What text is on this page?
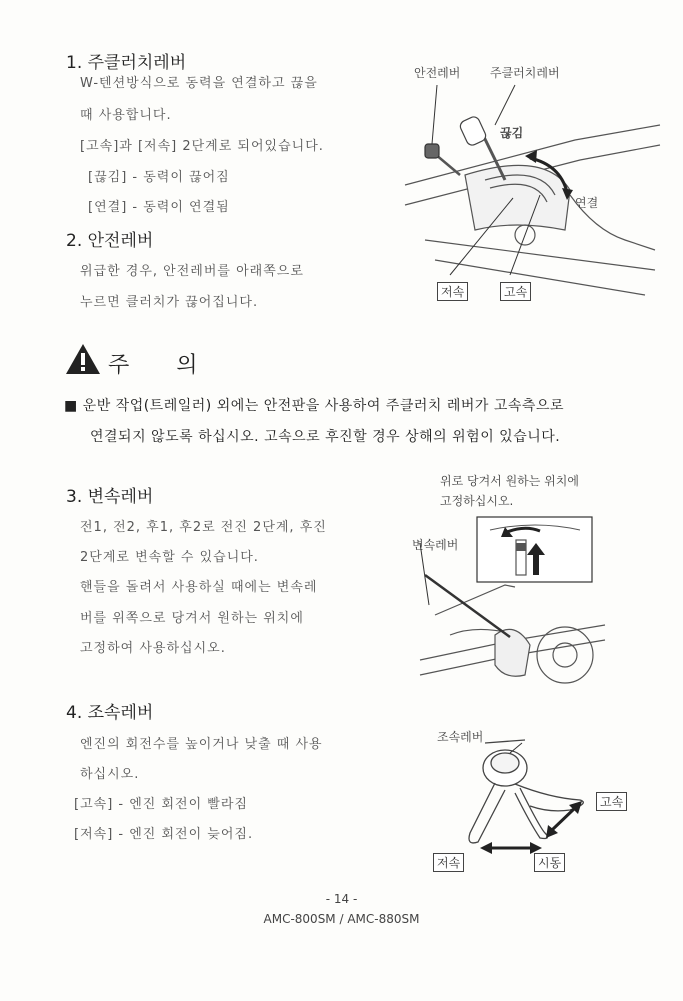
1. 주클러치레버
W-텐션방식으로 동력을 연결하고 끊을
때 사용합니다.
[고속]과 [저속] 2단계로 되어있습니다.
[끊김] - 동력이 끊어짐
[연결] - 동력이 연결됨
안전레버 주클러치레버
끊김
연결
저속	고속
2. 안전레버
위급한 경우, 안전레버를 아래쪽으로
누르면 클러치가 끊어집니다.
주 의
■ 운반 작업(트레일러) 외에는 안전판을 사용하여 주클러치 레버가 고속측으로
연결되지 않도록 하십시오. 고속으로 후진할 경우 상해의 위험이 있습니다.
3. 변속레버
전1, 전2, 후1, 후2로 전진 2단계, 후진
2단계로 변속할 수 있습니다.
핸들을 돌려서 사용하실 때에는 변속레
버를 위쪽으로 당겨서 원하는 위치에
고정하여 사용하십시오.
위로 당겨서 원하는 위치에
고정하십시오.
변속레버
4. 조속레버
엔진의 회전수를 높이거나 낮출 때 사용
하십시오.
[고속] - 엔진 회전이 빨라짐
[저속] - 엔진 회전이 늦어짐.
조속레버
고속
저속	시동
- 14 -
AMC-800SM / AMC-880SM
